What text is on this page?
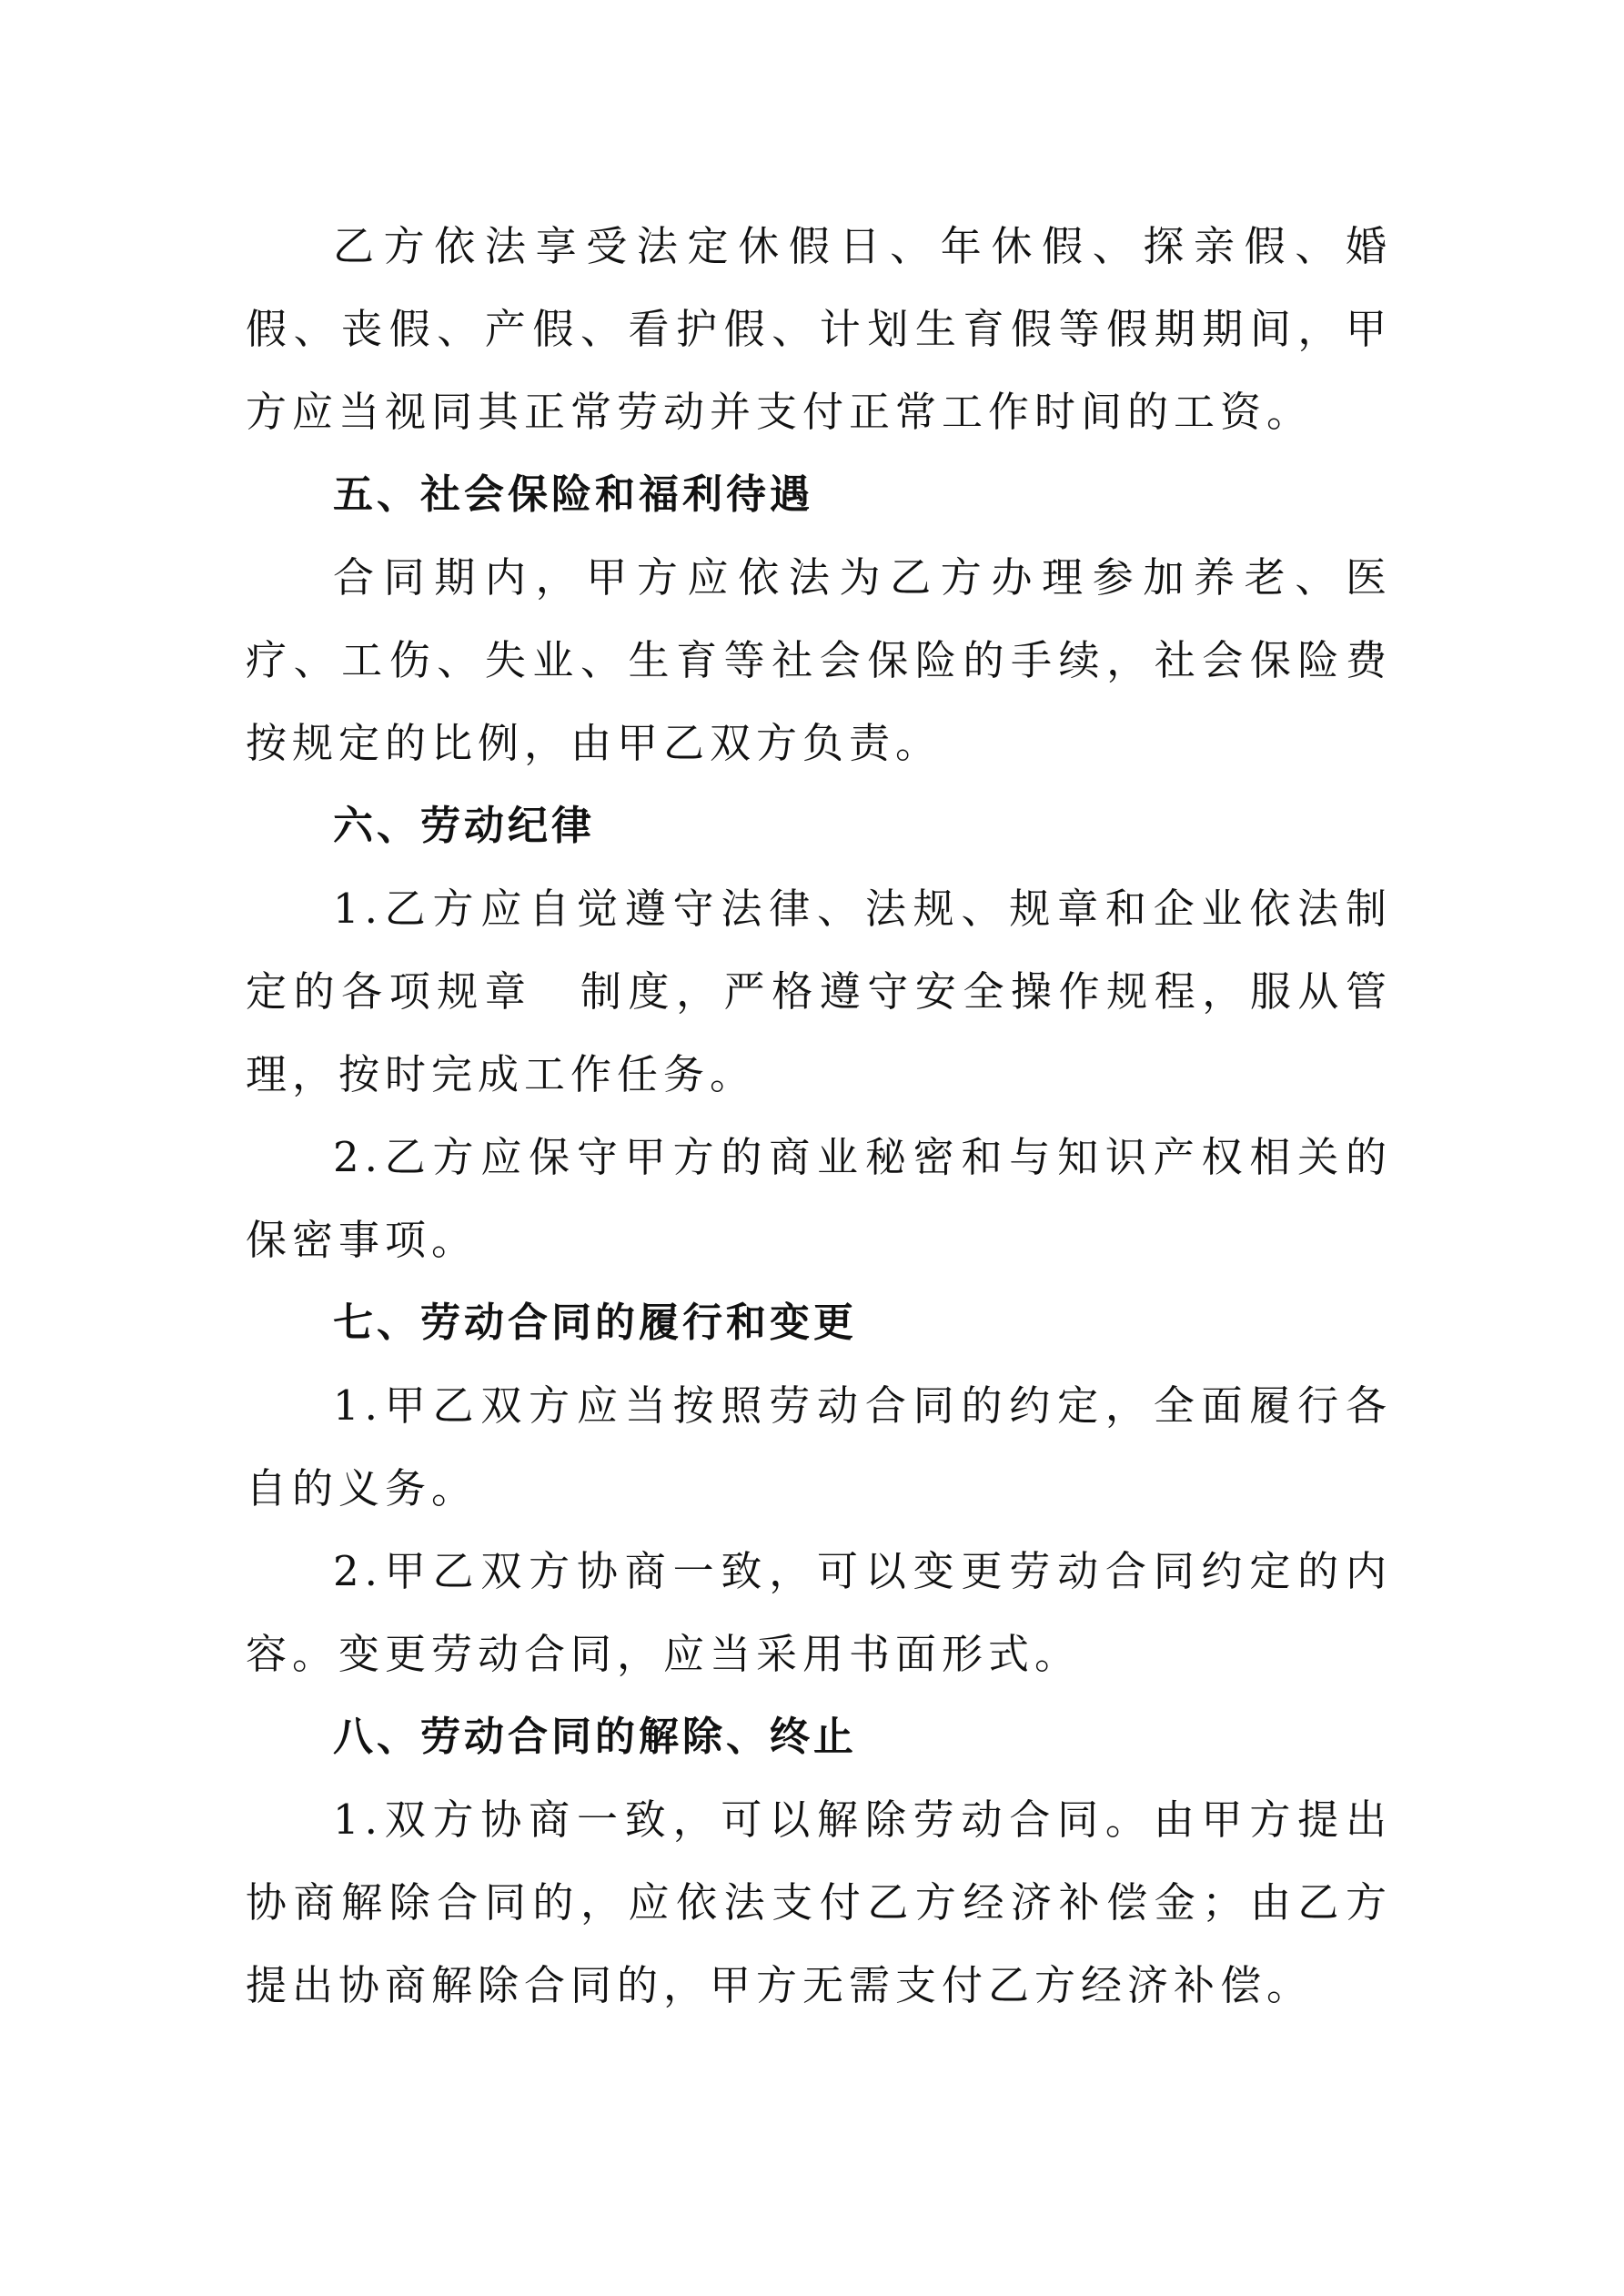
乙方依法享受法定休假日、年休假、探亲假、婚假、丧假、产假、看护假、计划生育假等假期期间，甲方应当视同其正常劳动并支付正常工作时间的工资。

五、社会保险和福利待遇

合同期内，甲方应依法为乙方办理参加养老、医疗、工伤、失业、生育等社会保险的手续，社会保险费按规定的比例，由甲乙双方负责。

六、劳动纪律

1.乙方应自觉遵守法律、法规、规章和企业依法制定的各项规章　制度，严格遵守安全操作规程，服从管理，按时完成工作任务。

2.乙方应保守甲方的商业秘密和与知识产权相关的保密事项。

七、劳动合同的履行和变更

1.甲乙双方应当按照劳动合同的约定，全面履行各自的义务。

2.甲乙双方协商一致，可以变更劳动合同约定的内容。变更劳动合同，应当采用书面形式。

八、劳动合同的解除、终止

1.双方协商一致，可以解除劳动合同。由甲方提出协商解除合同的，应依法支付乙方经济补偿金；由乙方提出协商解除合同的，甲方无需支付乙方经济补偿。
